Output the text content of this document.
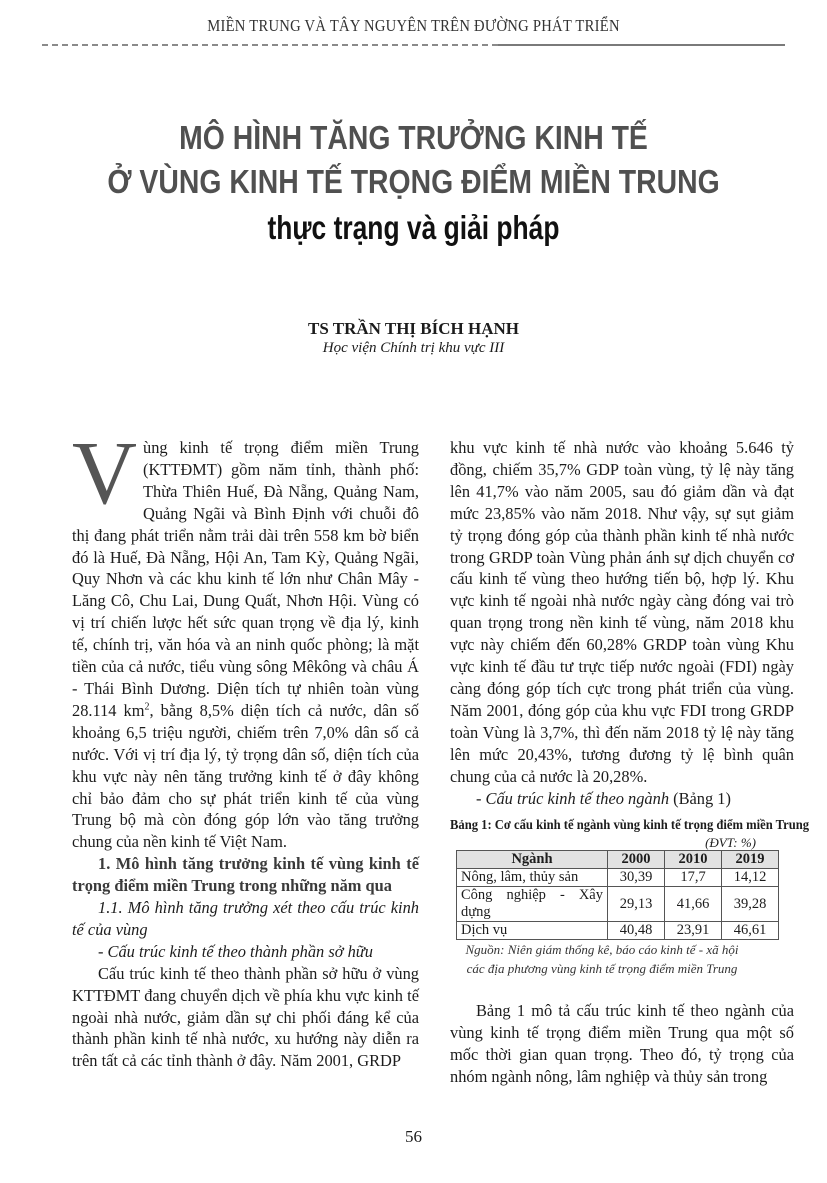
MIỀN TRUNG VÀ TÂY NGUYÊN TRÊN ĐƯỜNG PHÁT TRIỂN
MÔ HÌNH TĂNG TRƯỞNG KINH TẾ
Ở VÙNG KINH TẾ TRỌNG ĐIỂM MIỀN TRUNG
thực trạng và giải pháp
TS TRẦN THỊ BÍCH HẠNH
Học viện Chính trị khu vực III

Vùng kinh tế trọng điểm miền Trung (KTTĐMT) gồm năm tỉnh, thành phố: Thừa Thiên Huế, Đà Nẵng, Quảng Nam, Quảng Ngãi và Bình Định với chuỗi đô thị đang phát triển nằm trải dài trên 558 km bờ biển đó là Huế, Đà Nẵng, Hội An, Tam Kỳ, Quảng Ngãi, Quy Nhơn và các khu kinh tế lớn như Chân Mây - Lăng Cô, Chu Lai, Dung Quất, Nhơn Hội. Vùng có vị trí chiến lược hết sức quan trọng về địa lý, kinh tế, chính trị, văn hóa và an ninh quốc phòng; là mặt tiền của cả nước, tiểu vùng sông Mêkông và châu Á - Thái Bình Dương. Diện tích tự nhiên toàn vùng 28.114 $km^2$, bằng 8,5% diện tích cả nước, dân số khoảng 6,5 triệu người, chiếm trên 7,0% dân số cả nước. Với vị trí địa lý, tỷ trọng dân số, diện tích của khu vực này nên tăng trưởng kinh tế ở đây không chỉ bảo đảm cho sự phát triển kinh tế của vùng Trung bộ mà còn đóng góp lớn vào tăng trưởng chung của nền kinh tế Việt Nam.

1. Mô hình tăng trưởng kinh tế vùng kinh tế trọng điểm miền Trung trong những năm qua

1.1. Mô hình tăng trưởng xét theo cấu trúc kinh tế của vùng

- Cấu trúc kinh tế theo thành phần sở hữu

Cấu trúc kinh tế theo thành phần sở hữu ở vùng KTTĐMT đang chuyển dịch về phía khu vực kinh tế ngoài nhà nước, giảm dần sự chi phối đáng kể của thành phần kinh tế nhà nước, xu hướng này diễn ra trên tất cả các tỉnh thành ở đây. Năm 2001, GRDP

khu vực kinh tế nhà nước vào khoảng 5.646 tỷ đồng, chiếm 35,7% GDP toàn vùng, tỷ lệ này tăng lên 41,7% vào năm 2005, sau đó giảm dần và đạt mức 23,85% vào năm 2018. Như vậy, sự sụt giảm tỷ trọng đóng góp của thành phần kinh tế nhà nước trong GRDP toàn Vùng phản ánh sự dịch chuyển cơ cấu kinh tế vùng theo hướng tiến bộ, hợp lý. Khu vực kinh tế ngoài nhà nước ngày càng đóng vai trò quan trọng trong nền kinh tế vùng, năm 2018 khu vực này chiếm đến 60,28% GRDP toàn vùng Khu vực kinh tế đầu tư trực tiếp nước ngoài (FDI) ngày càng đóng góp tích cực trong phát triển của vùng. Năm 2001, đóng góp của khu vực FDI trong GRDP toàn Vùng là 3,7%, thì đến năm 2018 tỷ lệ này tăng lên mức 20,43%, tương đương tỷ lệ bình quân chung của cả nước là 20,28%.

- Cấu trúc kinh tế theo ngành (Bảng 1)

Bảng 1: Cơ cấu kinh tế ngành vùng kinh tế trọng điểm miền Trung
(ĐVT: %)
Ngành	2000	2010	2019
Nông, lâm, thủy sản	30,39	17,7	14,12
Công nghiệp - Xây dựng	29,13	41,66	39,28
Dịch vụ	40,48	23,91	46,61
Nguồn: Niên giám thống kê, báo cáo kinh tế - xã hội
các địa phương vùng kinh tế trọng điểm miền Trung

Bảng 1 mô tả cấu trúc kinh tế theo ngành của vùng kinh tế trọng điểm miền Trung qua một số mốc thời gian quan trọng. Theo đó, tỷ trọng của nhóm ngành nông, lâm nghiệp và thủy sản trong

56
